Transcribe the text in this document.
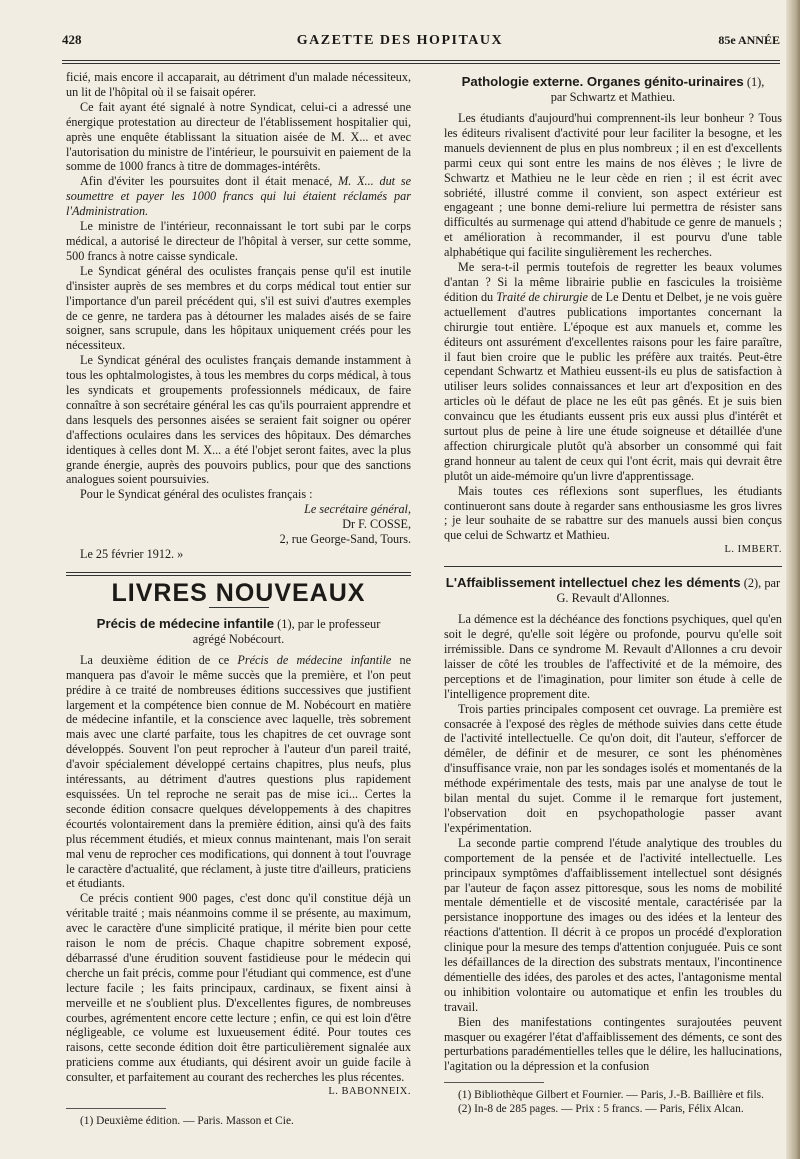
428	GAZETTE DES HOPITAUX	85e ANNÉE

ficié, mais encore il accaparait, au détriment d'un malade nécessiteux, un lit de l'hôpital où il se faisait opérer.

Ce fait ayant été signalé à notre Syndicat, celui-ci a adressé une énergique protestation au directeur de l'établissement hospitalier qui, après une enquête établissant la situation aisée de M. X... et avec l'autorisation du ministre de l'intérieur, le poursuivit en paiement de la somme de 1000 francs à titre de dommages-intérêts.

Afin d'éviter les poursuites dont il était menacé, M. X... dut se soumettre et payer les 1000 francs qui lui étaient réclamés par l'Administration.

Le ministre de l'intérieur, reconnaissant le tort subi par le corps médical, a autorisé le directeur de l'hôpital à verser, sur cette somme, 500 francs à notre caisse syndicale.

Le Syndicat général des oculistes français pense qu'il est inutile d'insister auprès de ses membres et du corps médical tout entier sur l'importance d'un pareil précédent qui, s'il est suivi d'autres exemples de ce genre, ne tardera pas à détourner les malades aisés de se faire soigner, sans scrupule, dans les hôpitaux uniquement créés pour les nécessiteux.

Le Syndicat général des oculistes français demande instamment à tous les ophtalmologistes, à tous les membres du corps médical, à tous les syndicats et groupements professionnels médicaux, de faire connaître à son secrétaire général les cas qu'ils pourraient apprendre et dans lesquels des personnes aisées se seraient fait soigner ou opérer d'affections oculaires dans les services des hôpitaux. Des démarches identiques à celles dont M. X... a été l'objet seront faites, avec la plus grande énergie, auprès des pouvoirs publics, pour que des sanctions analogues soient poursuivies.

Pour le Syndicat général des oculistes français :

Le secrétaire général,

Dr F. COSSE,

2, rue George-Sand, Tours.

Le 25 février 1912. »

LIVRES NOUVEAUX
Précis de médecine infantile (1), par le professeur
agrégé Nobécourt.

La deuxième édition de ce Précis de médecine infantile ne manquera pas d'avoir le même succès que la première, et l'on peut prédire à ce traité de nombreuses éditions successives que justifient largement et la compétence bien connue de M. Nobécourt en matière de médecine infantile, et la conscience avec laquelle, très sobrement mais avec une clarté parfaite, tous les chapitres de cet ouvrage sont développés. Souvent l'on peut reprocher à l'auteur d'un pareil traité, d'avoir spécialement développé certains chapitres, plus neufs, plus intéressants, au détriment d'autres questions plus rapidement esquissées. Un tel reproche ne serait pas de mise ici... Certes la seconde édition consacre quelques développements à des chapitres écourtés volontairement dans la première édition, ainsi qu'à des faits plus récemment étudiés, et mieux connus maintenant, mais l'on serait mal venu de reprocher ces modifications, qui donnent à tout l'ouvrage le caractère d'actualité, que réclament, à juste titre d'ailleurs, praticiens et étudiants.

Ce précis contient 900 pages, c'est donc qu'il constitue déjà un véritable traité ; mais néanmoins comme il se présente, au maximum, avec le caractère d'une simplicité pratique, il mérite bien pour cette raison le nom de précis. Chaque chapitre sobrement exposé, débarrassé d'une érudition souvent fastidieuse pour le médecin qui cherche un fait précis, comme pour l'étudiant qui commence, est d'une lecture facile ; les faits principaux, cardinaux, se fixent ainsi à merveille et ne s'oublient plus. D'excellentes figures, de nombreuses courbes, agrémentent encore cette lecture ; enfin, ce qui est loin d'être négligeable, ce volume est luxueusement édité. Pour toutes ces raisons, cette seconde édition doit être particulièrement signalée aux praticiens comme aux étudiants, qui désirent avoir un guide facile à consulter, et parfaitement au courant des recherches les plus récentes.

L. BABONNEIX.

(1) Deuxième édition. — Paris. Masson et Cie.

Pathologie externe. Organes génito-urinaires (1),
par Schwartz et Mathieu.

Les étudiants d'aujourd'hui comprennent-ils leur bonheur ? Tous les éditeurs rivalisent d'activité pour leur faciliter la besogne, et les manuels deviennent de plus en plus nombreux ; il en est d'excellents parmi ceux qui sont entre les mains de nos élèves ; le livre de Schwartz et Mathieu ne le leur cède en rien ; il est écrit avec sobriété, illustré comme il convient, son aspect extérieur est engageant ; une bonne demi-reliure lui permettra de résister sans difficultés au surmenage qui attend d'habitude ce genre de manuels ; et amélioration à recommander, il est pourvu d'une table alphabétique qui facilite singulièrement les recherches.

Me sera-t-il permis toutefois de regretter les beaux volumes d'antan ? Si la même librairie publie en fascicules la troisième édition du Traité de chirurgie de Le Dentu et Delbet, je ne vois guère actuellement d'autres publications importantes concernant la chirurgie tout entière. L'époque est aux manuels et, comme les éditeurs ont assurément d'excellentes raisons pour les faire paraître, il faut bien croire que le public les préfère aux traités. Peut-être cependant Schwartz et Mathieu eussent-ils eu plus de satisfaction à utiliser leurs solides connaissances et leur art d'exposition en des articles où le défaut de place ne les eût pas gênés. Et je suis bien convaincu que les étudiants eussent pris eux aussi plus d'intérêt et surtout plus de peine à lire une étude soigneuse et détaillée d'une affection chirurgicale plutôt qu'à absorber un consommé qui fait grand honneur au talent de ceux qui l'ont écrit, mais qui devrait être plutôt un aide-mémoire qu'un livre d'apprentissage.

Mais toutes ces réflexions sont superflues, les étudiants continueront sans doute à regarder sans enthousiasme les gros livres ; je leur souhaite de se rabattre sur des manuels aussi bien conçus que celui de Schwartz et Mathieu.

L. IMBERT.

L'Affaiblissement intellectuel chez les déments (2), par
G. Revault d'Allonnes.

La démence est la déchéance des fonctions psychiques, quel qu'en soit le degré, qu'elle soit légère ou profonde, pourvu qu'elle soit irrémissible. Dans ce syndrome M. Revault d'Allonnes a cru devoir laisser de côté les troubles de l'affectivité et de la mémoire, des perceptions et de l'imagination, pour limiter son étude à celle de l'intelligence proprement dite.

Trois parties principales composent cet ouvrage. La première est consacrée à l'exposé des règles de méthode suivies dans cette étude de l'activité intellectuelle. Ce qu'on doit, dit l'auteur, s'efforcer de démêler, de définir et de mesurer, ce sont les phénomènes d'insuffisance vraie, non par les sondages isolés et momentanés de la méthode expérimentale des tests, mais par une analyse de tout le bilan mental du sujet. Comme il le remarque fort justement, l'observation doit en psychopathologie passer avant l'expérimentation.

La seconde partie comprend l'étude analytique des troubles du comportement de la pensée et de l'activité intellectuelle. Les principaux symptômes d'affaiblissement intellectuel sont désignés par l'auteur de façon assez pittoresque, sous les noms de mobilité mentale démentielle et de viscosité mentale, caractérisée par la persistance inopportune des images ou des idées et la lenteur des réactions d'attention. Il décrit à ce propos un procédé d'exploration clinique pour la mesure des temps d'attention conjuguée. Puis ce sont les défaillances de la direction des substrats mentaux, l'incontinence démentielle des idées, des paroles et des actes, l'antagonisme mental ou inhibition volontaire ou automatique et enfin les troubles du travail.

Bien des manifestations contingentes surajoutées peuvent masquer ou exagérer l'état d'affaiblissement des déments, ce sont des perturbations paradémentielles telles que le délire, les hallucinations, l'agitation ou la dépression et la confusion

(1) Bibliothèque Gilbert et Fournier. — Paris, J.-B. Baillière et fils.

(2) In-8 de 285 pages. — Prix : 5 francs. — Paris, Félix Alcan.
